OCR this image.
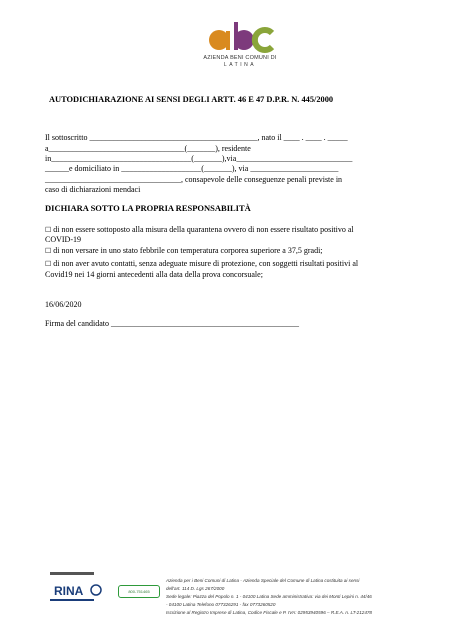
AZIENDA BENI COMUNI DI
LATINA
AUTODICHIARAZIONE AI SENSI DEGLI ARTT. 46 E 47 D.P.R. N. 445/2000
Il sottoscritto __________________________________________, nato il ____ . ____ . _____
a__________________________________(_______), residente
in___________________________________(_______),via_____________________________
______e domiciliato in ____________________(_______), via ______________________
__________________________________, consapevole delle conseguenze penali previste in
caso di dichiarazioni mendaci
DICHIARA SOTTO LA PROPRIA RESPONSABILITÀ
☐ di non essere sottoposto alla misura della quarantena ovvero di non essere risultato positivo al
COVID-19
☐ di non versare in uno stato febbrile con temperatura corporea superiore a 37,5 gradi;
☐ di non aver avuto contatti, senza adeguate misure di protezione, con soggetti risultati positivi al
Covid19 nei 14 giorni antecedenti alla data della prova concorsuale;
16/06/2020
Firma del candidato _______________________________________________
RINA	800-751465
Azienda per i Beni Comuni di Latina - Azienda Speciale del Comune di Latina costituita ai sensi
dell'art. 114 D. Lgs 267/2000
Sede legale: Piazza del Popolo n. 1 - 04100 Latina Sede amministrativa: via dei Monti Lepini n. 44/46
- 04100 Latina Telefono 077326291 - fax 0773260520
Iscrizione al Registro Imprese di Latina, Codice Fiscale e P. IVA: 02953940596 – R.E.A. n. LT-212478
